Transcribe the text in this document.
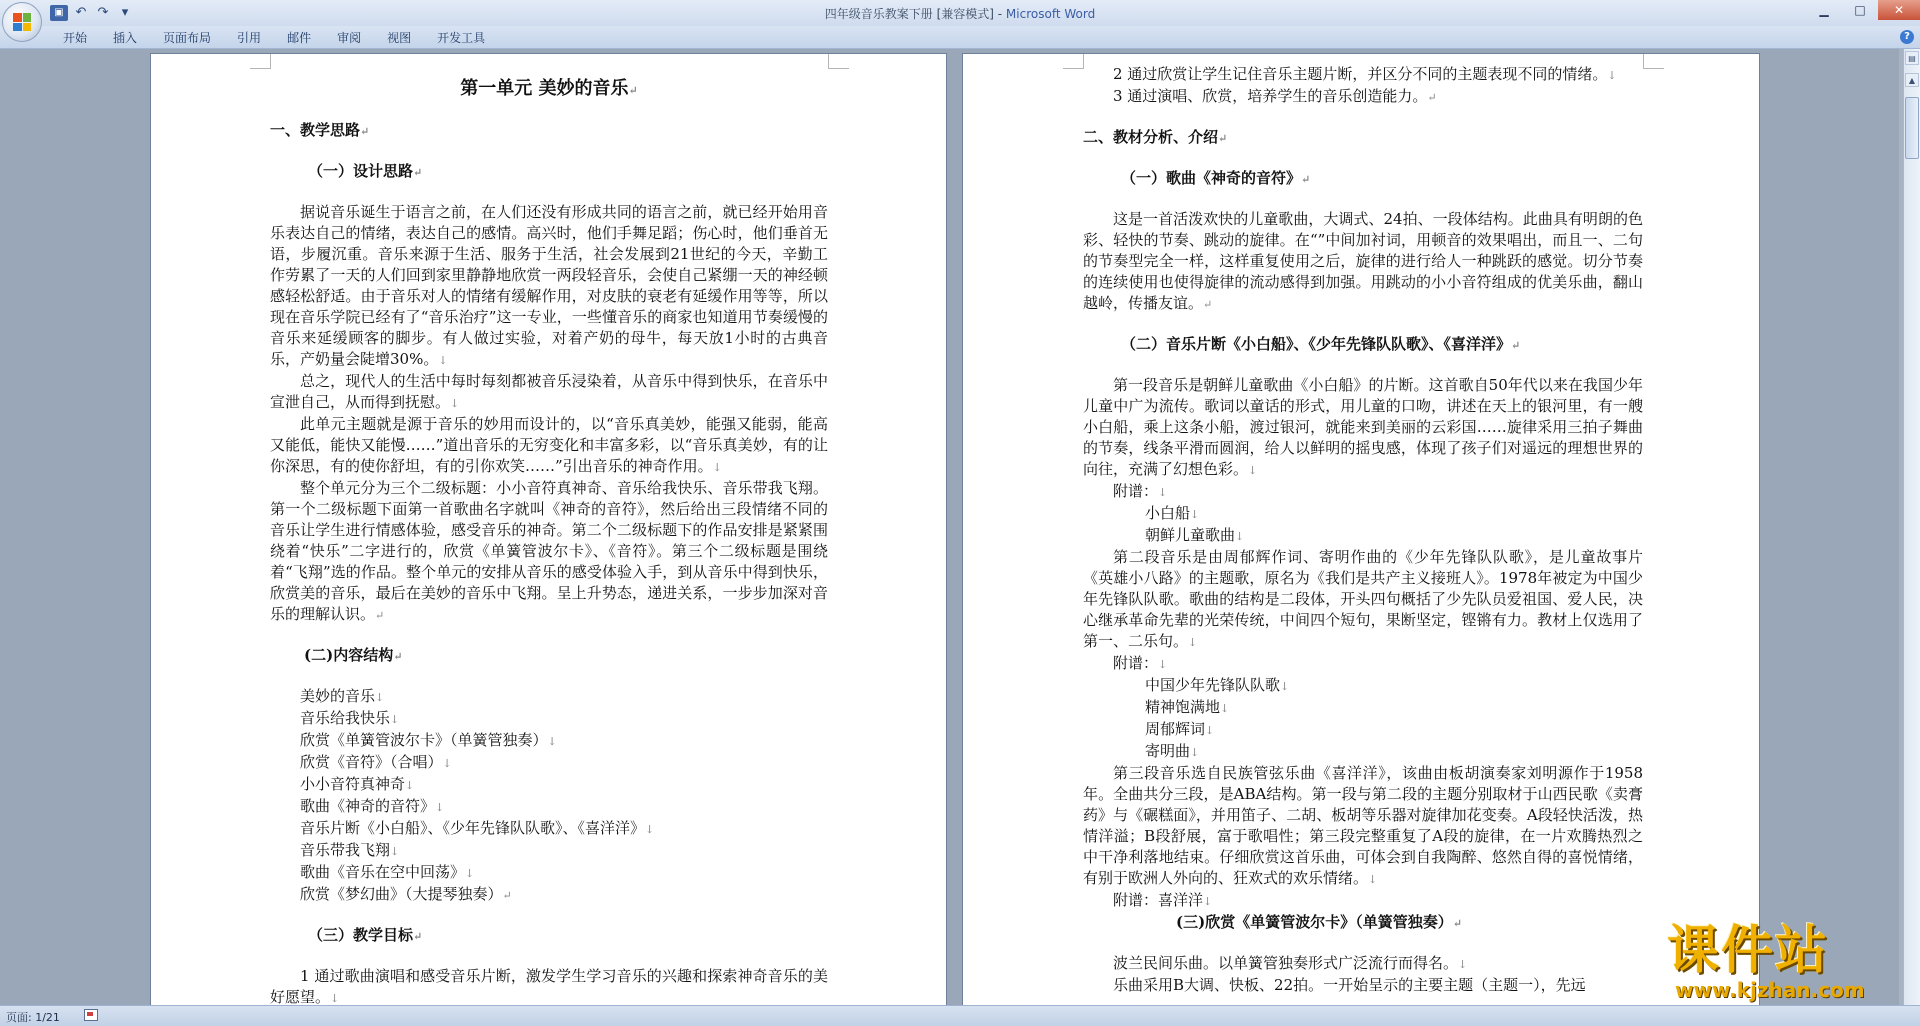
▣ ↶ ↷	▾	四年级音乐教案下册 [兼容模式] - Microsoft Word	▁	□	✕
开始	插入	页面布局	引用	邮件	审阅	视图	开发工具	?

第一单元 美妙的音乐↵

一、教学思路↵

（一）设计思路↵

据说音乐诞生于语言之前，在人们还没有形成共同的语言之前，就已经开始用音乐表达自己的情绪，表达自己的感情。高兴时，他们手舞足蹈；伤心时，他们垂首无语，步履沉重。音乐来源于生活、服务于生活，社会发展到21世纪的今天，辛勤工作劳累了一天的人们回到家里静静地欣赏一两段轻音乐，会使自己紧绷一天的神经顿感轻松舒适。由于音乐对人的情绪有缓解作用，对皮肤的衰老有延缓作用等等，所以现在音乐学院已经有了“音乐治疗”这一专业，一些懂音乐的商家也知道用节奏缓慢的音乐来延缓顾客的脚步。有人做过实验，对着产奶的母牛，每天放1小时的古典音乐，产奶量会陡增30%。↓

总之，现代人的生活中每时每刻都被音乐浸染着，从音乐中得到快乐，在音乐中宣泄自己，从而得到抚慰。↓

此单元主题就是源于音乐的妙用而设计的，以“音乐真美妙，能强又能弱，能高又能低，能快又能慢……”道出音乐的无穷变化和丰富多彩，以“音乐真美妙，有的让你深思，有的使你舒坦，有的引你欢笑……”引出音乐的神奇作用。↓

整个单元分为三个二级标题：小小音符真神奇、音乐给我快乐、音乐带我飞翔。第一个二级标题下面第一首歌曲名字就叫《神奇的音符》，然后给出三段情绪不同的音乐让学生进行情感体验，感受音乐的神奇。第二个二级标题下的作品安排是紧紧围绕着“快乐”二字进行的，欣赏《单簧管波尔卡》、《音符》。第三个二级标题是围绕着“飞翔”选的作品。整个单元的安排从音乐的感受体验入手，到从音乐中得到快乐，欣赏美的音乐，最后在美妙的音乐中飞翔。呈上升势态，递进关系，一步步加深对音乐的理解认识。↵

(二)内容结构↵

美妙的音乐↓

音乐给我快乐↓

欣赏《单簧管波尔卡》（单簧管独奏）↓

欣赏《音符》（合唱）↓

小小音符真神奇↓

歌曲《神奇的音符》↓

音乐片断《小白船》、《少年先锋队队歌》、《喜洋洋》↓

音乐带我飞翔↓

歌曲《音乐在空中回荡》↓

欣赏《梦幻曲》（大提琴独奏）↵

（三）教学目标↵

1 通过歌曲演唱和感受音乐片断，激发学生学习音乐的兴趣和探索神奇音乐的美好愿望。↓

2 通过欣赏让学生记住音乐主题片断，并区分不同的主题表现不同的情绪。↓

3 通过演唱、欣赏，培养学生的音乐创造能力。↵

二、教材分析、介绍↵

（一）歌曲《神奇的音符》↵

这是一首活泼欢快的儿童歌曲，大调式、24拍、一段体结构。此曲具有明朗的色彩、轻快的节奏、跳动的旋律。在“”中间加衬词，用顿音的效果唱出，而且一、二句的节奏型完全一样，这样重复使用之后，旋律的进行给人一种跳跃的感觉。切分节奏的连续使用也使得旋律的流动感得到加强。用跳动的小小音符组成的优美乐曲，翻山越岭，传播友谊。↵

（二）音乐片断《小白船》、《少年先锋队队歌》、《喜洋洋》↵

第一段音乐是朝鲜儿童歌曲《小白船》的片断。这首歌自50年代以来在我国少年儿童中广为流传。歌词以童话的形式，用儿童的口吻，讲述在天上的银河里，有一艘小白船，乘上这条小船，渡过银河，就能来到美丽的云彩国……旋律采用三拍子舞曲的节奏，线条平滑而圆润，给人以鲜明的摇曳感，体现了孩子们对遥远的理想世界的向往，充满了幻想色彩。↓

附谱：↓

小白船↓

朝鲜儿童歌曲↓

第二段音乐是由周郁辉作词、寄明作曲的《少年先锋队队歌》，是儿童故事片《英雄小八路》的主题歌，原名为《我们是共产主义接班人》。1978年被定为中国少年先锋队队歌。歌曲的结构是二段体，开头四句概括了少先队员爱祖国、爱人民，决心继承革命先辈的光荣传统，中间四个短句，果断坚定，铿锵有力。教材上仅选用了第一、二乐句。↓

附谱：↓

中国少年先锋队队歌↓

精神饱满地↓

周郁辉词↓

寄明曲↓

第三段音乐选自民族管弦乐曲《喜洋洋》，该曲由板胡演奏家刘明源作于1958年。全曲共分三段，是ABA结构。第一段与第二段的主题分别取材于山西民歌《卖膏药》与《碾糕面》，并用笛子、二胡、板胡等乐器对旋律加花变奏。A段轻快活泼，热情洋溢；B段舒展，富于歌唱性；第三段完整重复了A段的旋律，在一片欢腾热烈之中干净利落地结束。仔细欣赏这首乐曲，可体会到自我陶醉、悠然自得的喜悦情绪，有别于欧洲人外向的、狂欢式的欢乐情绪。↓

附谱：喜洋洋↓

(三)欣赏《单簧管波尔卡》（单簧管独奏）↵

波兰民间乐曲。以单簧管独奏形式广泛流行而得名。↓

乐曲采用B大调、快板、22拍。一开始呈示的主要主题（主题一），先远

▤
▲
页面: 1/21
课件站
www.kjzhan.com
